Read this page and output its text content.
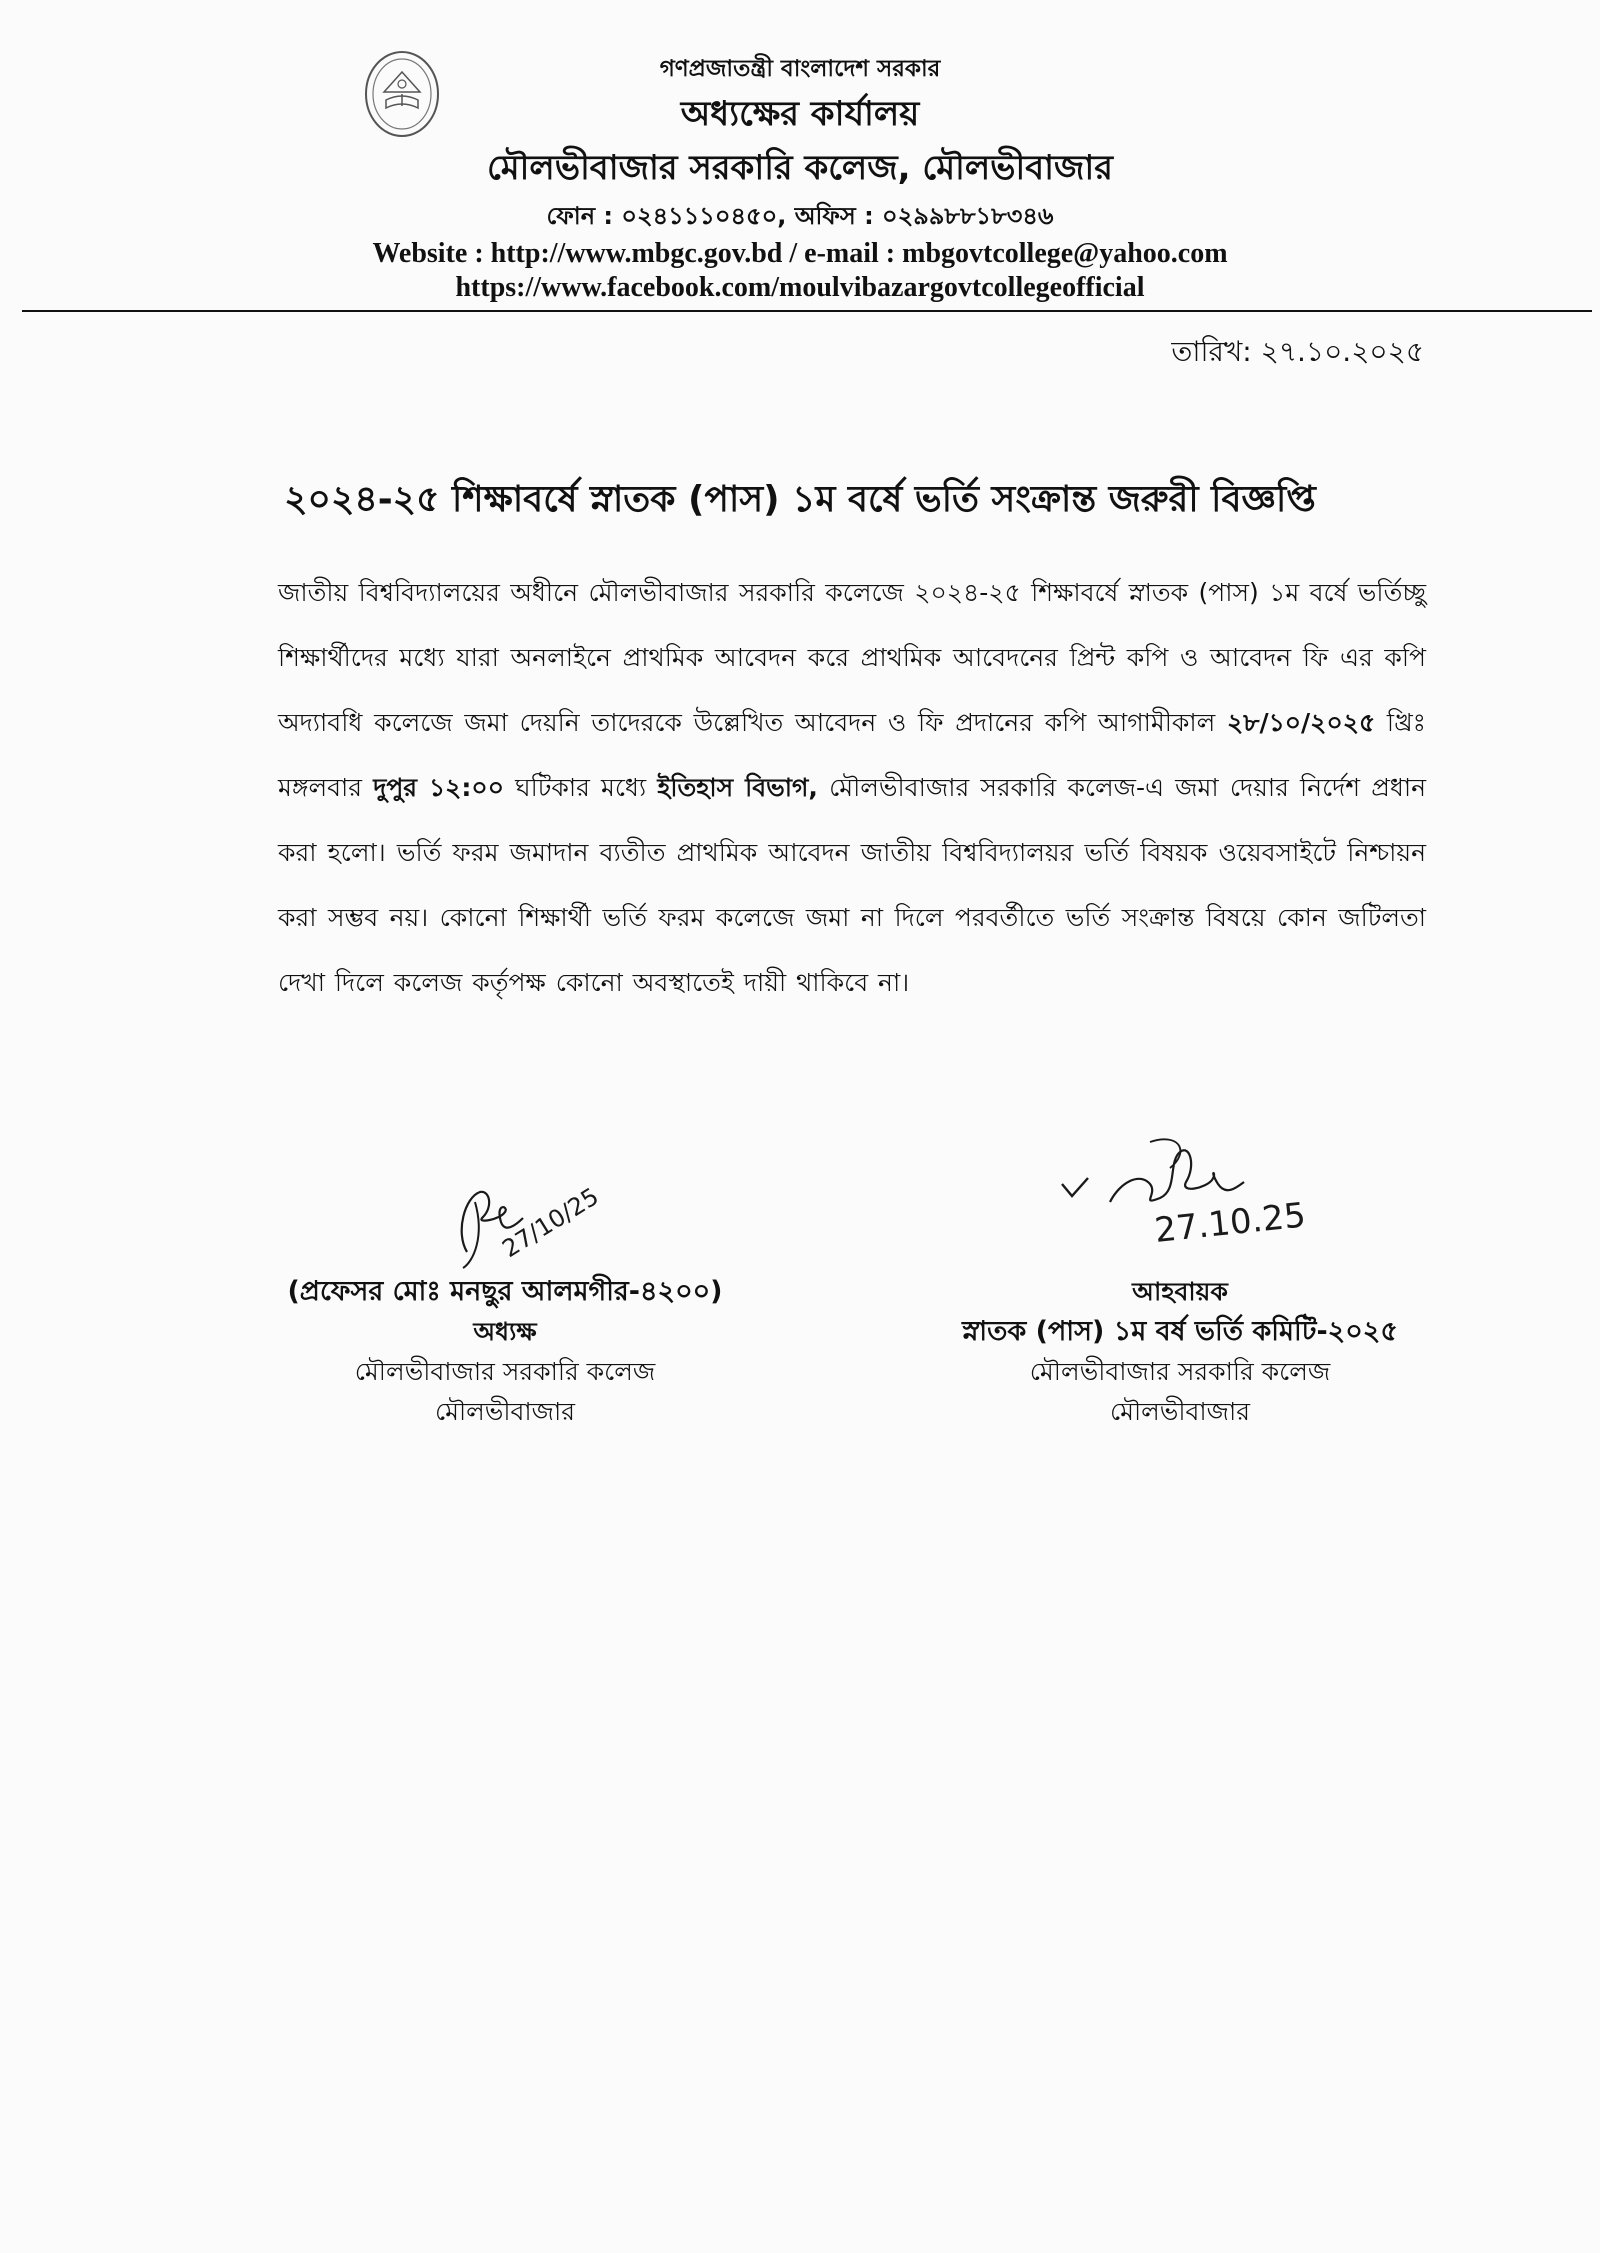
গণপ্রজাতন্ত্রী বাংলাদেশ সরকার
অধ্যক্ষের কার্যালয়
মৌলভীবাজার সরকারি কলেজ, মৌলভীবাজার
ফোন : ০২৪১১১০৪৫০, অফিস : ০২৯৯৮৮১৮৩৪৬
Website : http://www.mbgc.gov.bd / e-mail : mbgovtcollege@yahoo.com
https://www.facebook.com/moulvibazargovtcollegeofficial
তারিখ: ২৭.১০.২০২৫
২০২৪-২৫ শিক্ষাবর্ষে স্নাতক (পাস) ১ম বর্ষে ভর্তি সংক্রান্ত জরুরী বিজ্ঞপ্তি
জাতীয় বিশ্ববিদ্যালয়ের অধীনে মৌলভীবাজার সরকারি কলেজে ২০২৪-২৫ শিক্ষাবর্ষে স্নাতক (পাস) ১ম বর্ষে ভর্তিচ্ছু শিক্ষার্থীদের মধ্যে যারা অনলাইনে প্রাথমিক আবেদন করে প্রাথমিক আবেদনের প্রিন্ট কপি ও আবেদন ফি এর কপি অদ্যাবধি কলেজে জমা দেয়নি তাদেরকে উল্লেখিত আবেদন ও ফি প্রদানের কপি আগামীকাল ২৮/১০/২০২৫ খ্রিঃ মঙ্গলবার দুপুর ১২:০০ ঘটিকার মধ্যে ইতিহাস বিভাগ, মৌলভীবাজার সরকারি কলেজ-এ জমা দেয়ার নির্দেশ প্রধান করা হলো। ভর্তি ফরম জমাদান ব্যতীত প্রাথমিক আবেদন জাতীয় বিশ্ববিদ্যালয়র ভর্তি বিষয়ক ওয়েবসাইটে নিশ্চায়ন করা সম্ভব নয়। কোনো শিক্ষার্থী ভর্তি ফরম কলেজে জমা না দিলে পরবর্তীতে ভর্তি সংক্রান্ত বিষয়ে কোন জটিলতা দেখা দিলে কলেজ কর্তৃপক্ষ কোনো অবস্থাতেই দায়ী থাকিবে না।
27/10/25
(প্রফেসর মোঃ মনছুর আলমগীর-৪২০০)
অধ্যক্ষ
মৌলভীবাজার সরকারি কলেজ
মৌলভীবাজার
27.10.25
আহবায়ক
স্নাতক (পাস) ১ম বর্ষ ভর্তি কমিটি-২০২৫
মৌলভীবাজার সরকারি কলেজ
মৌলভীবাজার
